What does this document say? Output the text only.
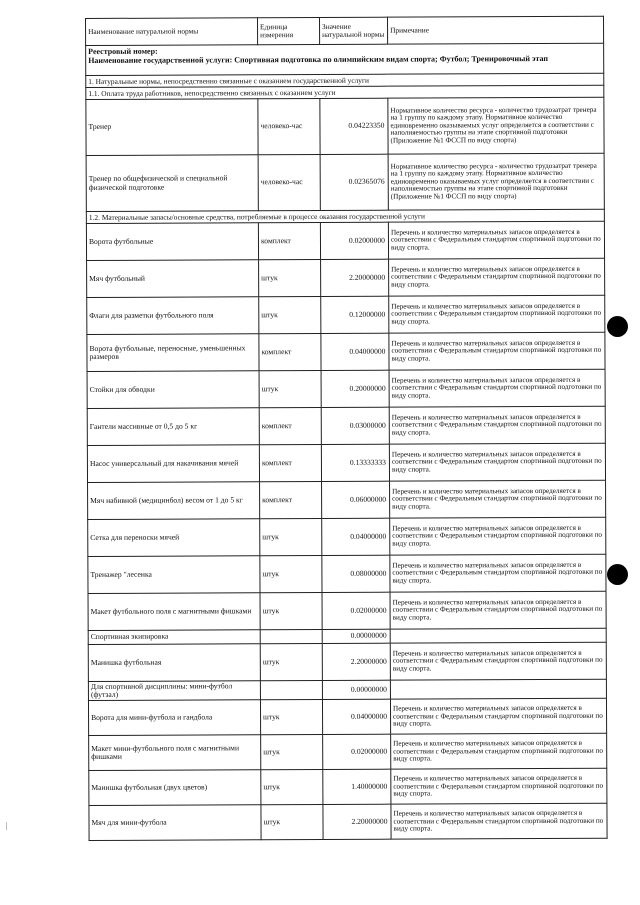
Наименование натуральной нормы	Единица измерения	Значение натуральной нормы	Примечание

Реестровый номер:
Наименование государственной услуги: Спортивная подготовка по олимпийским видам спорта; Футбол; Тренировочный этап			

1. Натуральные нормы, непосредственно связанные с оказанием государственной услуги			
1.1. Оплата труда работников, непосредственно связанных с оказанием услуги			
Тренер	человеко-час	0.04223350	Нормативное количество ресурса - количество трудозатрат тренера на 1 группу по каждому этапу. Нормативное количество единовременно оказываемых услуг определяется в соответствии с наполняемостью группы на этапе спортивной подготовки (Приложение №1 ФССП по виду спорта)
Тренер по общефизической и специальной физической подготовке	человеко-час	0.02365076	Нормативное количество ресурса - количество трудозатрат тренера на 1 группу по каждому этапу. Нормативное количество единовременно оказываемых услуг определяется в соответствии с наполняемостью группы на этапе спортивной подготовки (Приложение №1 ФССП по виду спорта)
1.2. Материальные запасы/основные средства, потребляемые в процессе оказания государственной услуги			
Ворота футбольные	комплект	0.02000000	Перечень и количество материальных запасов определяется в соответствии с Федеральным стандартом спортивной подготовки по виду спорта.
Мяч футбольный	штук	2.20000000	Перечень и количество материальных запасов определяется в соответствии с Федеральным стандартом спортивной подготовки по виду спорта.
Флаги для разметки футбольного поля	штук	0.12000000	Перечень и количество материальных запасов определяется в соответствии с Федеральным стандартом спортивной подготовки по виду спорта.
Ворота футбольные, переносные, уменьшенных размеров	комплект	0.04000000	Перечень и количество материальных запасов определяется в соответствии с Федеральным стандартом спортивной подготовки по виду спорта.
Стойки для обводки	штук	0.20000000	Перечень и количество материальных запасов определяется в соответствии с Федеральным стандартом спортивной подготовки по виду спорта.
Гантели массивные от 0,5 до 5 кг	комплект	0.03000000	Перечень и количество материальных запасов определяется в соответствии с Федеральным стандартом спортивной подготовки по виду спорта.
Насос универсальный для накачивания мячей	комплект	0.13333333	Перечень и количество материальных запасов определяется в соответствии с Федеральным стандартом спортивной подготовки по виду спорта.
Мяч набивной (медицинбол) весом от 1 до 5 кг	комплект	0.06000000	Перечень и количество материальных запасов определяется в соответствии с Федеральным стандартом спортивной подготовки по виду спорта.
Сетка для переноски мячей	штук	0.04000000	Перечень и количество материальных запасов определяется в соответствии с Федеральным стандартом спортивной подготовки по виду спорта.
Тренажер "лесенка	штук	0.08000000	Перечень и количество материальных запасов определяется в соответствии с Федеральным стандартом спортивной подготовки по виду спорта.
Макет футбольного поля с магнитными фишками	штук	0.02000000	Перечень и количество материальных запасов определяется в соответствии с Федеральным стандартом спортивной подготовки по виду спорта.
Спортивная экипировка		0.00000000	
Манишка футбольная	штук	2.20000000	Перечень и количество материальных запасов определяется в соответствии с Федеральным стандартом спортивной подготовки по виду спорта.
Для спортивной дисциплины: мини-футбол (футзал)		0.00000000	
Ворота для мини-футбола и гандбола	штук	0.04000000	Перечень и количество материальных запасов определяется в соответствии с Федеральным стандартом спортивной подготовки по виду спорта.
Макет мини-футбольного поля с магнитными фишками	штук	0.02000000	Перечень и количество материальных запасов определяется в соответствии с Федеральным стандартом спортивной подготовки по виду спорта.
Манишка футбольная (двух цветов)	штук	1.40000000	Перечень и количество материальных запасов определяется в соответствии с Федеральным стандартом спортивной подготовки по виду спорта.
Мяч для мини-футбола	штук	2.20000000	Перечень и количество материальных запасов определяется в соответствии с Федеральным стандартом спортивной подготовки по виду спорта.
